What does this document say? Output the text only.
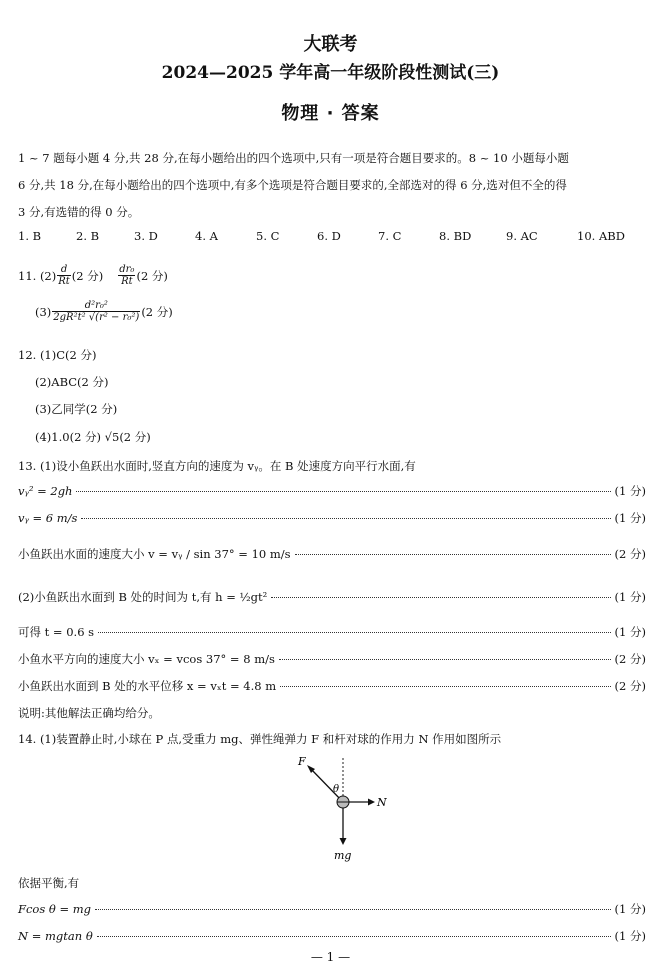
大联考
2024—2025 学年高一年级阶段性测试(三)
物理 · 答案
1 ~ 7 题每小题 4 分,共 28 分,在每小题给出的四个选项中,只有一项是符合题目要求的。8 ~ 10 小题每小题
6 分,共 18 分,在每小题给出的四个选项中,有多个选项是符合题目要求的,全部选对的得 6 分,选对但不全的得
3 分,有选错的得 0 分。
1. B	2. B	3. D	4. A	5. C	6. D	7. C	8. BD	9. AC	10. ABD
11. $(2) \frac{d}{Rt} (2$ 分) $\frac{\text{dr₀}}{Rt} (2$ 分)
$(3) \frac{\text{d²r₀²}}{\text{2gR²t² √(r² − r₀²)}} (2$ 分)
12. (1)C(2 分)
(2)ABC(2 分)
(3)乙同学(2 分)
(4)1.0(2 分) √5(2 分)
13. (1)设小鱼跃出水面时,竖直方向的速度为 vᵧ。在 B 处速度方向平行水面,有
vᵧ² = 2gh	(1 分)
vᵧ = 6 m/s	(1 分)
小鱼跃出水面的速度大小 v = vᵧ / sin 37° = 10 m/s	(2 分)
(2)小鱼跃出水面到 B 处的时间为 t,有 h = ½gt²	(1 分)
可得 t = 0.6 s	(1 分)
小鱼水平方向的速度大小 vₓ = vcos 37° = 8 m/s	(2 分)
小鱼跃出水面到 B 处的水平位移 x = vₓt = 4.8 m	(2 分)
说明:其他解法正确均给分。
14. (1)装置静止时,小球在 P 点,受重力 mg、弹性绳弹力 F 和杆对球的作用力 N 作用如图所示
F
θ
N
mg
依据平衡,有
Fcos θ = mg	(1 分)
N = mgtan θ	(1 分)
— 1 —
